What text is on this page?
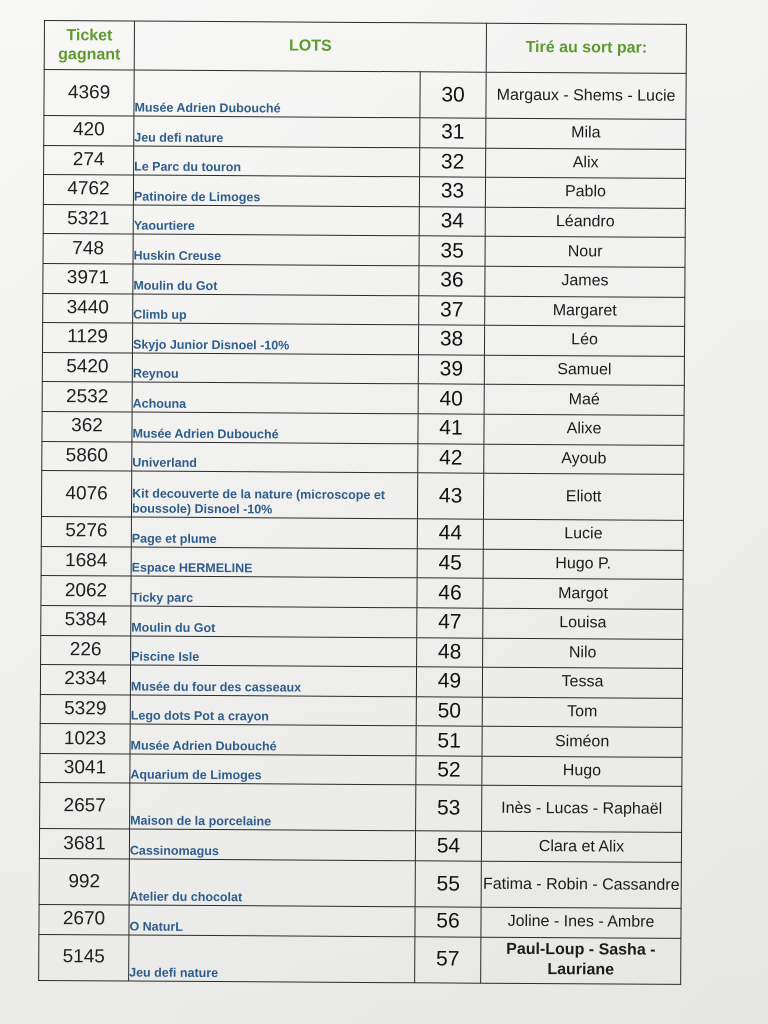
Ticket gagnant	LOTS		Tiré au sort par:
4369	Musée Adrien Dubouché	30	Margaux - Shems - Lucie
420	Jeu defi nature	31	Mila
274	Le Parc du touron	32	Alix
4762	Patinoire de Limoges	33	Pablo
5321	Yaourtiere	34	Léandro
748	Huskin Creuse	35	Nour
3971	Moulin du Got	36	James
3440	Climb up	37	Margaret
1129	Skyjo Junior Disnoel -10%	38	Léo
5420	Reynou	39	Samuel
2532	Achouna	40	Maé
362	Musée Adrien Dubouché	41	Alixe
5860	Univerland	42	Ayoub
4076	Kit decouverte de la nature (microscope et boussole) Disnoel -10%	43	Eliott
5276	Page et plume	44	Lucie
1684	Espace HERMELINE	45	Hugo P.
2062	Ticky parc	46	Margot
5384	Moulin du Got	47	Louisa
226	Piscine Isle	48	Nilo
2334	Musée du four des casseaux	49	Tessa
5329	Lego dots Pot a crayon	50	Tom
1023	Musée Adrien Dubouché	51	Siméon
3041	Aquarium de Limoges	52	Hugo
2657	Maison de la porcelaine	53	Inès - Lucas - Raphaël
3681	Cassinomagus	54	Clara et Alix
992	Atelier du chocolat	55	Fatima - Robin - Cassandre
2670	O NaturL	56	Joline - Ines - Ambre
5145	Jeu defi nature	57	Paul-Loup - Sasha - Lauriane
